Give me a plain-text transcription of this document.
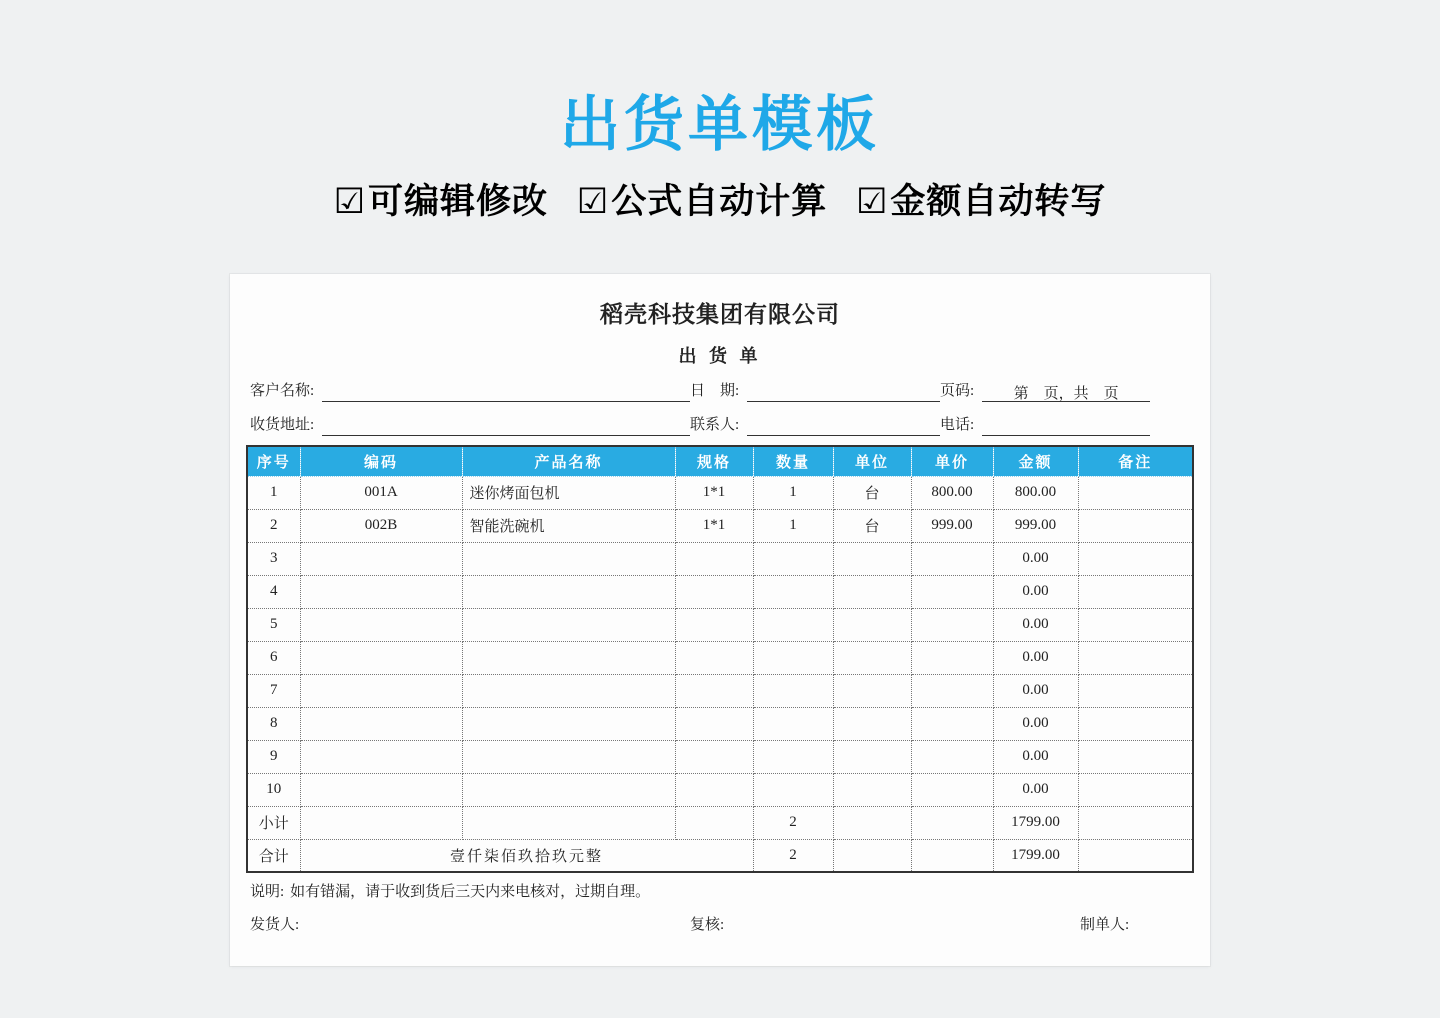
出货单模板
☑可编辑修改 ☑公式自动计算 ☑金额自动转写
稻壳科技集团有限公司
出 货 单
客户名称:	日　期:	页码:	第　页，共　页
收货地址:	联系人:	电话:
序号	编码	产品名称	规格	数量	单位	单价	金额	备注
1	001A	迷你烤面包机	1*1	1	台	800.00	800.00	
2	002B	智能洗碗机	1*1	1	台	999.00	999.00	
3							0.00	
4							0.00	
5							0.00	
6							0.00	
7							0.00	
8							0.00	
9							0.00	
10							0.00	
小计				2			1799.00	
合计	壹仟柒佰玖拾玖元整			2			1799.00	
说明: 如有错漏，请于收到货后三天内来电核对，过期自理。
发货人:	复核:	制单人:
